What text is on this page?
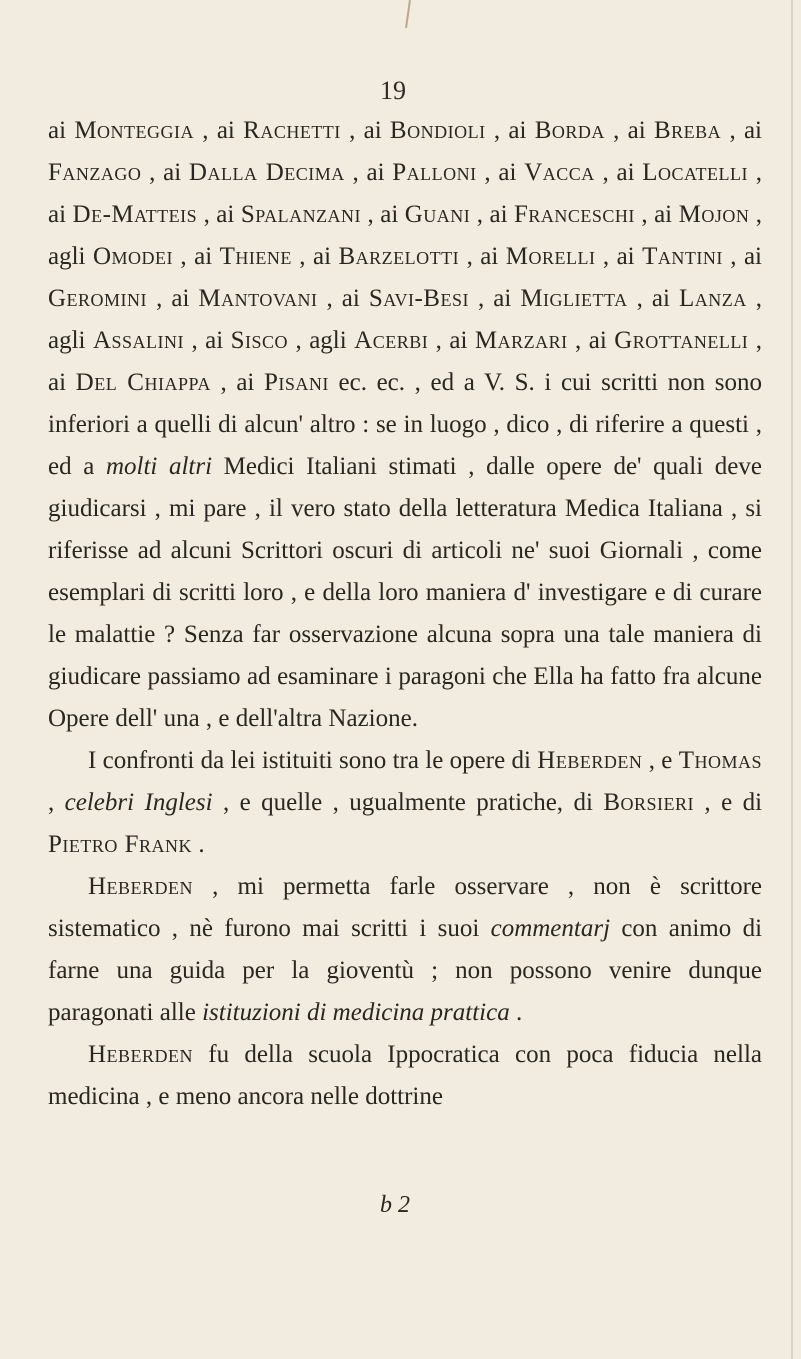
19

ai Monteggia , ai Rachetti , ai Bondioli , ai Borda , ai Breba , ai Fanzago , ai Dalla Decima , ai Palloni , ai Vacca , ai Locatelli , ai De-Matteis , ai Spalanzani , ai Guani , ai Franceschi , ai Mojon , agli Omodei , ai Thiene , ai Barzelotti , ai Morelli , ai Tantini , ai Geromini , ai Mantovani , ai Savi-Besi , ai Miglietta , ai Lanza , agli Assalini , ai Sisco , agli Acerbi , ai Marzari , ai Grottanelli , ai Del Chiappa , ai Pisani ec. ec. , ed a V. S. i cui scritti non sono inferiori a quelli di alcun' altro : se in luogo , dico , di riferire a questi , ed a molti altri Medici Italiani stimati , dalle opere de' quali deve giudicarsi , mi pare , il vero stato della letteratura Medica Italiana , si riferisse ad alcuni Scrittori oscuri di articoli ne' suoi Giornali , come esemplari di scritti loro , e della loro maniera d' investigare e di curare le malattie ? Senza far osservazione alcuna sopra una tale maniera di giudicare passiamo ad esaminare i paragoni che Ella ha fatto fra alcune Opere dell' una , e dell'altra Nazione.

I confronti da lei istituiti sono tra le opere di Heberden , e Thomas , celebri Inglesi , e quelle , ugualmente pratiche, di Borsieri , e di Pietro Frank .

Heberden , mi permetta farle osservare , non è scrittore sistematico , nè furono mai scritti i suoi commentarj con animo di farne una guida per la gioventù ; non possono venire dunque paragonati alle istituzioni di medicina prattica .

Heberden fu della scuola Ippocratica con poca fiducia nella medicina , e meno ancora nelle dottrine

b 2
